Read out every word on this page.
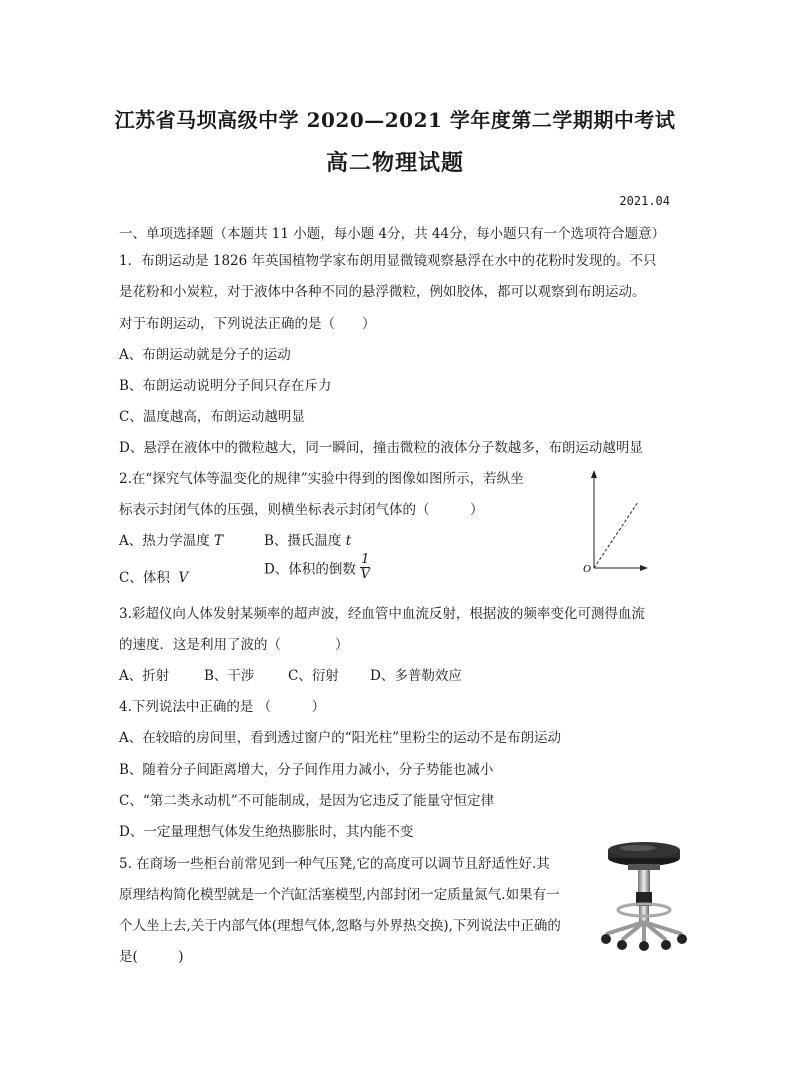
江苏省马坝高级中学 2020—2021 学年度第二学期期中考试
高二物理试题
2021.04
一、单项选择题（本题共 11 小题，每小题 4分，共 44分，每小题只有一个选项符合题意）
1．布朗运动是 1826 年英国植物学家布朗用显微镜观察悬浮在水中的花粉时发现的。不只
是花粉和小炭粒，对于液体中各种不同的悬浮微粒，例如胶体，都可以观察到布朗运动。
对于布朗运动，下列说法正确的是（　　）
A、布朗运动就是分子的运动
B、布朗运动说明分子间只存在斥力
C、温度越高，布朗运动越明显
D、悬浮在液体中的微粒越大，同一瞬间，撞击微粒的液体分子数越多，布朗运动越明显
2.在“探究气体等温变化的规律”实验中得到的图像如图所示，若纵坐
标表示封闭气体的压强，则横坐标表示封闭气体的（　　　）
A、热力学温度 T	B、摄氏温度 t
C、体积 V
D、体积的倒数 $\frac{1}{V}$	O
3.彩超仪向人体发射某频率的超声波，经血管中血流反射，根据波的频率变化可测得血流
的速度．这是利用了波的（　　　　）
A、折射	B、干涉 C、衍射 D、多普勒效应
4.下列说法中正确的是 （　　　）
A、在较暗的房间里，看到透过窗户的“阳光柱”里粉尘的运动不是布朗运动
B、随着分子间距离增大，分子间作用力减小，分子势能也减小
C、“第二类永动机”不可能制成，是因为它违反了能量守恒定律
D、一定量理想气体发生绝热膨胀时，其内能不变
5. 在商场一些柜台前常见到一种气压凳,它的高度可以调节且舒适性好.其
原理结构简化模型就是一个汽缸活塞模型,内部封闭一定质量氮气.如果有一
个人坐上去,关于内部气体(理想气体,忽略与外界热交换),下列说法中正确的
是(　　　)
